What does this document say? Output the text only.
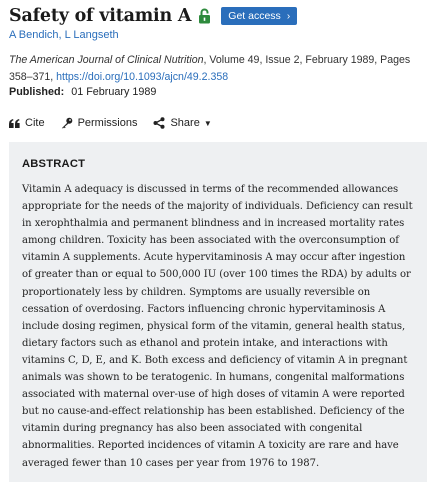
Safety of vitamin A	Get access ›
A Bendich, L Langseth
The American Journal of Clinical Nutrition, Volume 49, Issue 2, February 1989, Pages 358–371, https://doi.org/10.1093/ajcn/49.2.358
Published: 01 February 1989
Cite	Permissions	Share ▼
ABSTRACT

Vitamin A adequacy is discussed in terms of the recommended allowances appropriate for the needs of the majority of individuals. Deficiency can result in xerophthalmia and permanent blindness and in increased mortality rates among children. Toxicity has been associated with the overconsumption of vitamin A supplements. Acute hypervitaminosis A may occur after ingestion of greater than or equal to 500,000 IU (over 100 times the RDA) by adults or proportionately less by children. Symptoms are usually reversible on cessation of overdosing. Factors influencing chronic hypervitaminosis A include dosing regimen, physical form of the vitamin, general health status, dietary factors such as ethanol and protein intake, and interactions with vitamins C, D, E, and K. Both excess and deficiency of vitamin A in pregnant animals was shown to be teratogenic. In humans, congenital malformations associated with maternal over-use of high doses of vitamin A were reported but no cause-and-effect relationship has been established. Deficiency of the vitamin during pregnancy has also been associated with congenital abnormalities. Reported incidences of vitamin A toxicity are rare and have averaged fewer than 10 cases per year from 1976 to 1987.
